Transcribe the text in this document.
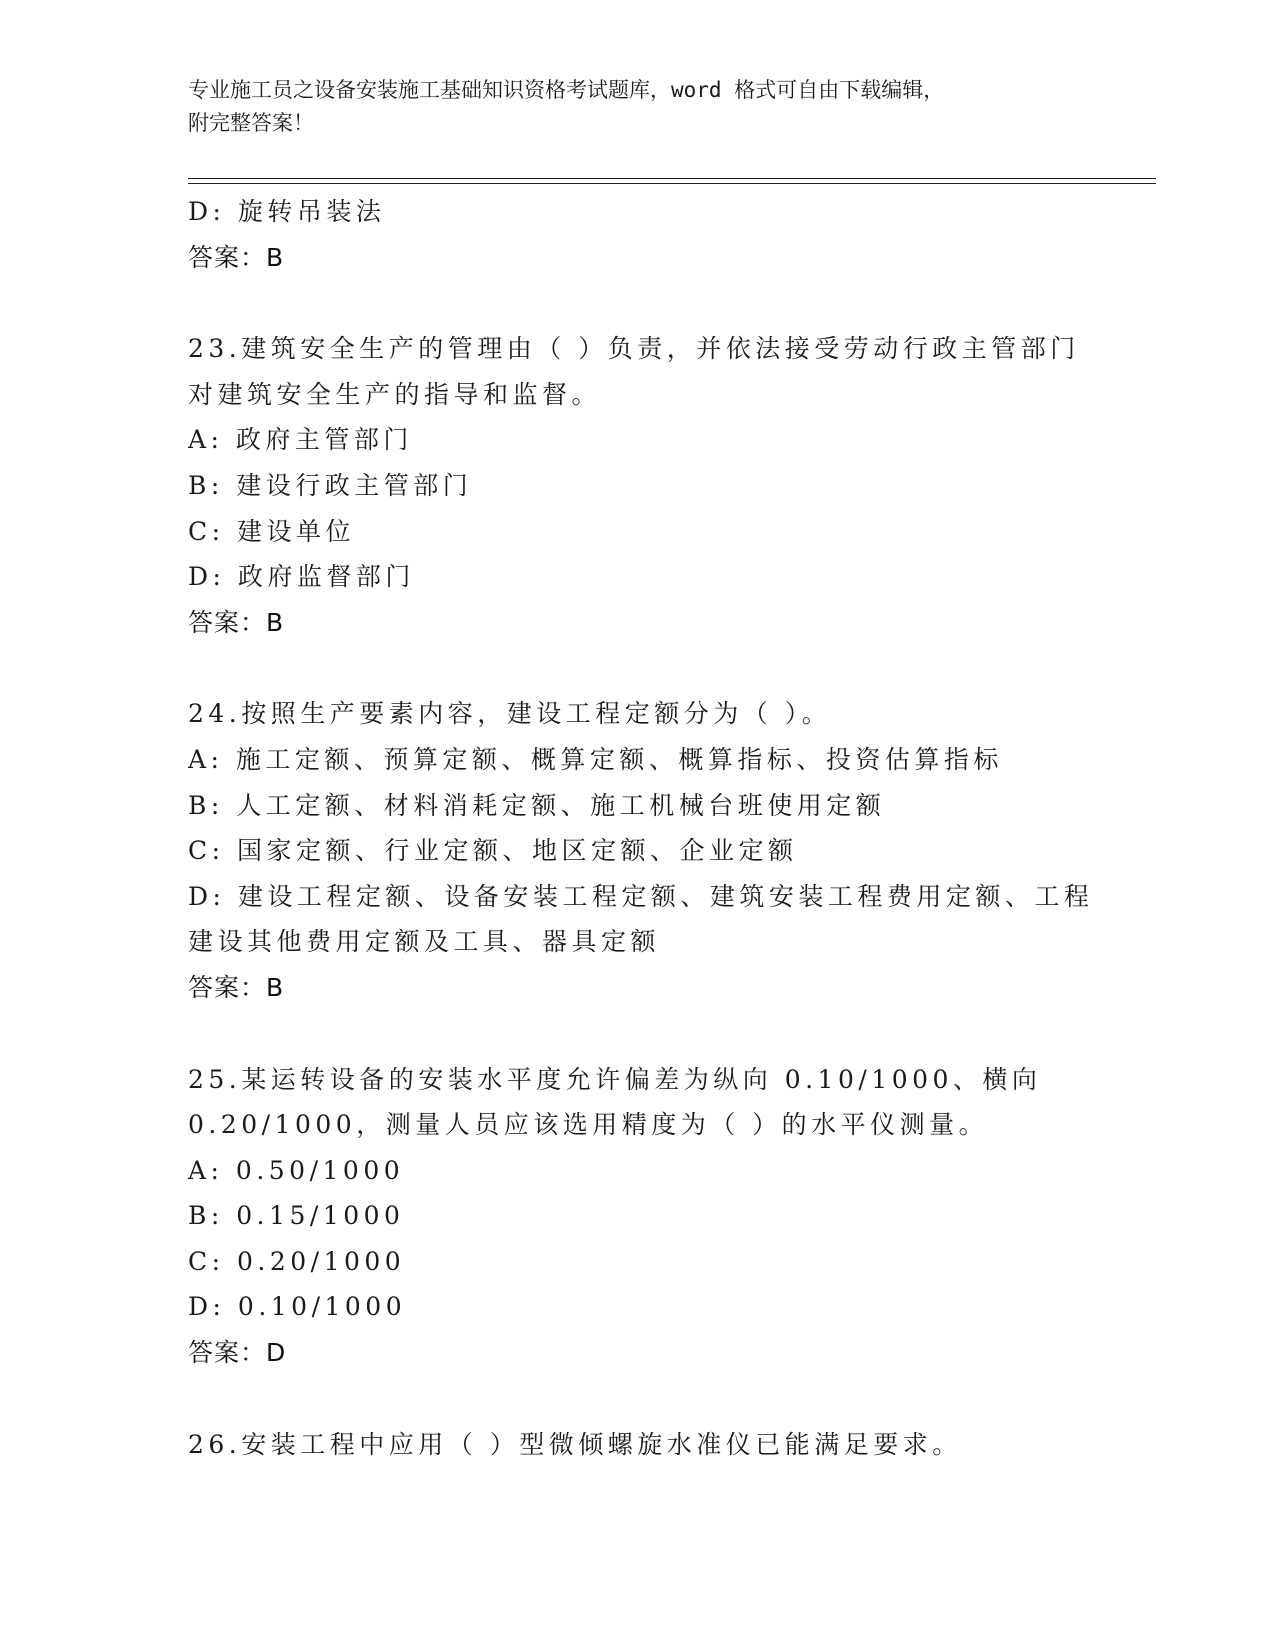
专业施工员之设备安装施工基础知识资格考试题库，word 格式可自由下载编辑，
附完整答案！
D: 旋转吊装法
答案：B
23.建筑安全生产的管理由（ ）负责，并依法接受劳动行政主管部门
对建筑安全生产的指导和监督。
A: 政府主管部门
B: 建设行政主管部门
C: 建设单位
D: 政府监督部门
答案：B
24.按照生产要素内容，建设工程定额分为（ ）。
A: 施工定额、预算定额、概算定额、概算指标、投资估算指标
B: 人工定额、材料消耗定额、施工机械台班使用定额
C: 国家定额、行业定额、地区定额、企业定额
D: 建设工程定额、设备安装工程定额、建筑安装工程费用定额、工程
建设其他费用定额及工具、器具定额
答案：B
25.某运转设备的安装水平度允许偏差为纵向 0.10/1000、横向
0.20/1000，测量人员应该选用精度为（ ）的水平仪测量。
A: 0.50/1000
B: 0.15/1000
C: 0.20/1000
D: 0.10/1000
答案：D
26.安装工程中应用（ ）型微倾螺旋水准仪已能满足要求。
